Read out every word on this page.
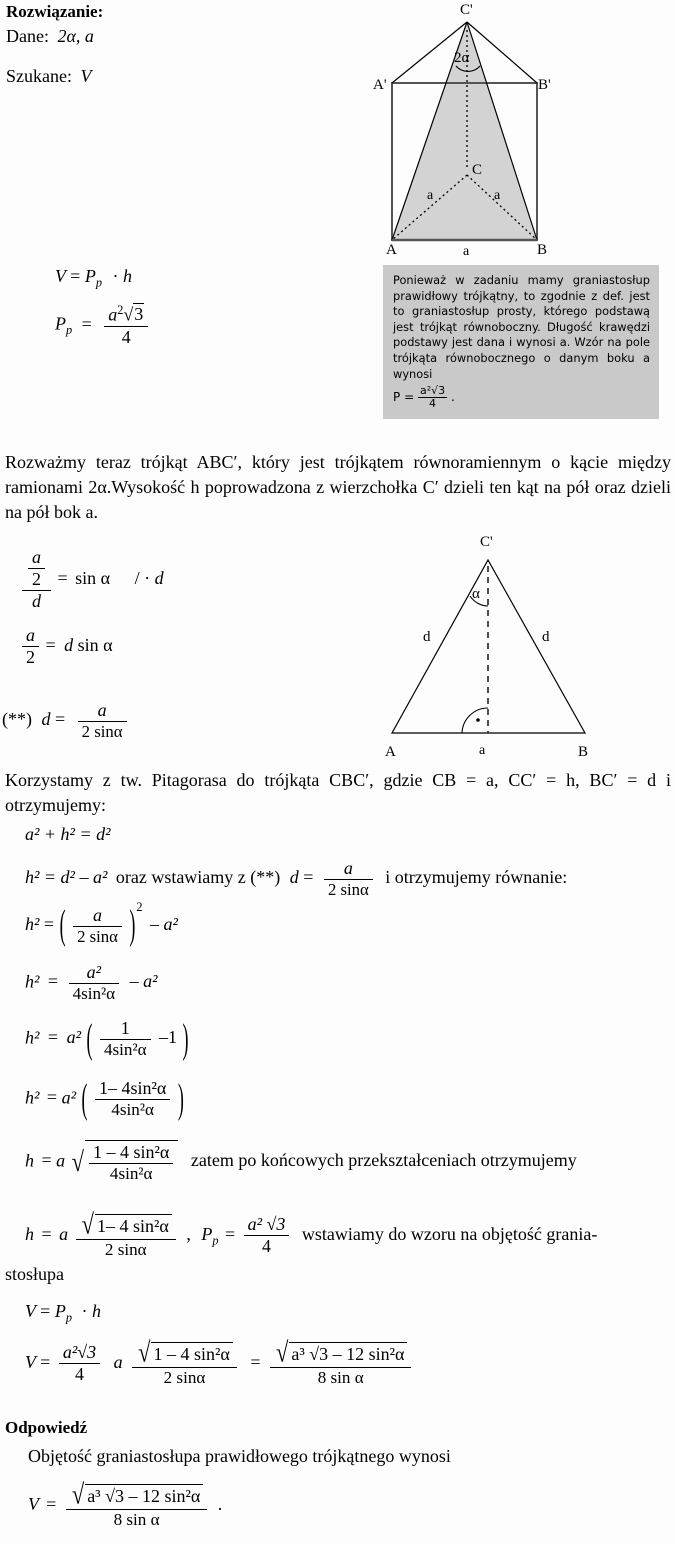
Rozwiązanie:
Dane: 2α, a
Szukane: V
C'
A'	B'
C
A	B
2α
a	a
a
$V = P_p \cdot h$
$P_p = \frac{a^2√3}{4}$
Ponieważ w zadaniu mamy graniastosłup prawidłowy trójkątny, to zgodnie z def. jest to graniastosłup prosty, którego podstawą jest trójkąt równoboczny. Długość krawędzi podstawy jest dana i wynosi a. Wzór na pole trójkąta równobocznego o danym boku a wynosi
$P = \frac{\text{a²√3}}{4}$ .
Rozważmy teraz trójkąt ABC′, który jest trójkątem równoramiennym o kącie między ramionami 2α.Wysokość h poprowadzona z wierzchołka C′ dzieli ten kąt na pół oraz dzieli na pół bok a.
C'
A	B
d	d
a
α
$\frac{\frac{a}{2}}{d} = \sin \alpha$ / · d
$\frac{a}{2} = d$ sin α
(**) $d = \frac{a}{2 \sin\alpha}$
Korzystamy z tw. Pitagorasa do trójkąta CBC′, gdzie CB = a, CC′ = h, BC′ = d i otrzymujemy:
a² + h² = d²
h² = d² – a² oraz wstawiamy z (**) $d = \frac{a}{2 \sin\alpha}$ i otrzymujemy równanie:
h² = ( $\frac{a}{2 \sin\alpha} )^2 - a^2$
$h^2 = \frac{\text{a²}}{\text{4sin²α}} - a^2$
h² = a² ( $\frac{1}{\text{4sin²α}} -1$ )
h² = a² ( $\frac{\text{1– 4sin²α}}{\text{4sin²α}}$ )
h = a √ $\frac{\text{1 – 4 sin²α}}{\text{4sin²α}}$ zatem po końcowych przekształceniach otrzymujemy
h = a $\frac{\text{√ 1– 4 sin²α}}{2 \sin\alpha}$ , $P_p = \frac{\text{a² √3}}{4}$ wstawiamy do wzoru na objętość grania-
stosłupa
$V = P_p \cdot h$
$V = \frac{\text{a²√3}}{4}$ a $\frac{\text{√ 1 – 4 sin²α}}{2 \sin\alpha} = \frac{\text{√ a³ √3 – 12 sin²α}}{\text{8 sin α}}$
Odpowiedź
Objętość graniastosłupa prawidłowego trójkątnego wynosi
$V = \frac{\text{√ a³ √3 – 12 sin²α}}{\text{8 sin α}}$ .
